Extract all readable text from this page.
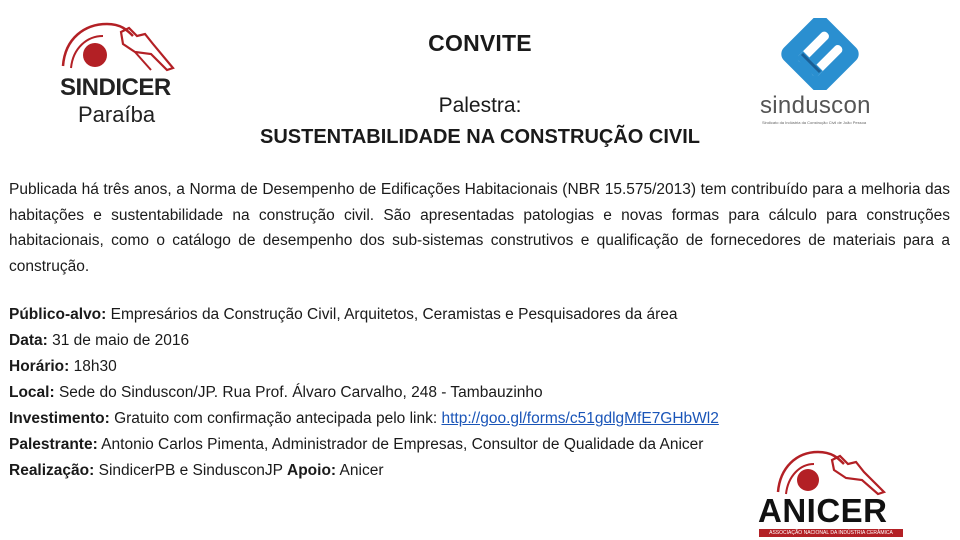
SINDICER
Paraíba	sinduscon
Sindicato da Indústria da Construção Civil de João Pessoa
CONVITE
Palestra:
SUSTENTABILIDADE NA CONSTRUÇÃO CIVIL

Publicada há três anos, a Norma de Desempenho de Edificações Habitacionais (NBR 15.575/2013) tem contribuído para a melhoria das habitações e sustentabilidade na construção civil. São apresentadas patologias e novas formas para cálculo para construções habitacionais, como o catálogo de desempenho dos sub-sistemas construtivos e qualificação de fornecedores de materiais para a construção.

Público-alvo: Empresários da Construção Civil, Arquitetos, Ceramistas e Pesquisadores da área
Data: 31 de maio de 2016
Horário: 18h30
Local: Sede do Sinduscon/JP. Rua Prof. Álvaro Carvalho, 248 - Tambauzinho
Investimento: Gratuito com confirmação antecipada pelo link: http://goo.gl/forms/c51gdlgMfE7GHbWl2
Palestrante: Antonio Carlos Pimenta, Administrador de Empresas, Consultor de Qualidade da Anicer
Realização: SindicerPB e SindusconJP Apoio: Anicer
ANICER
ASSOCIAÇÃO NACIONAL DA INDÚSTRIA CERÂMICA
